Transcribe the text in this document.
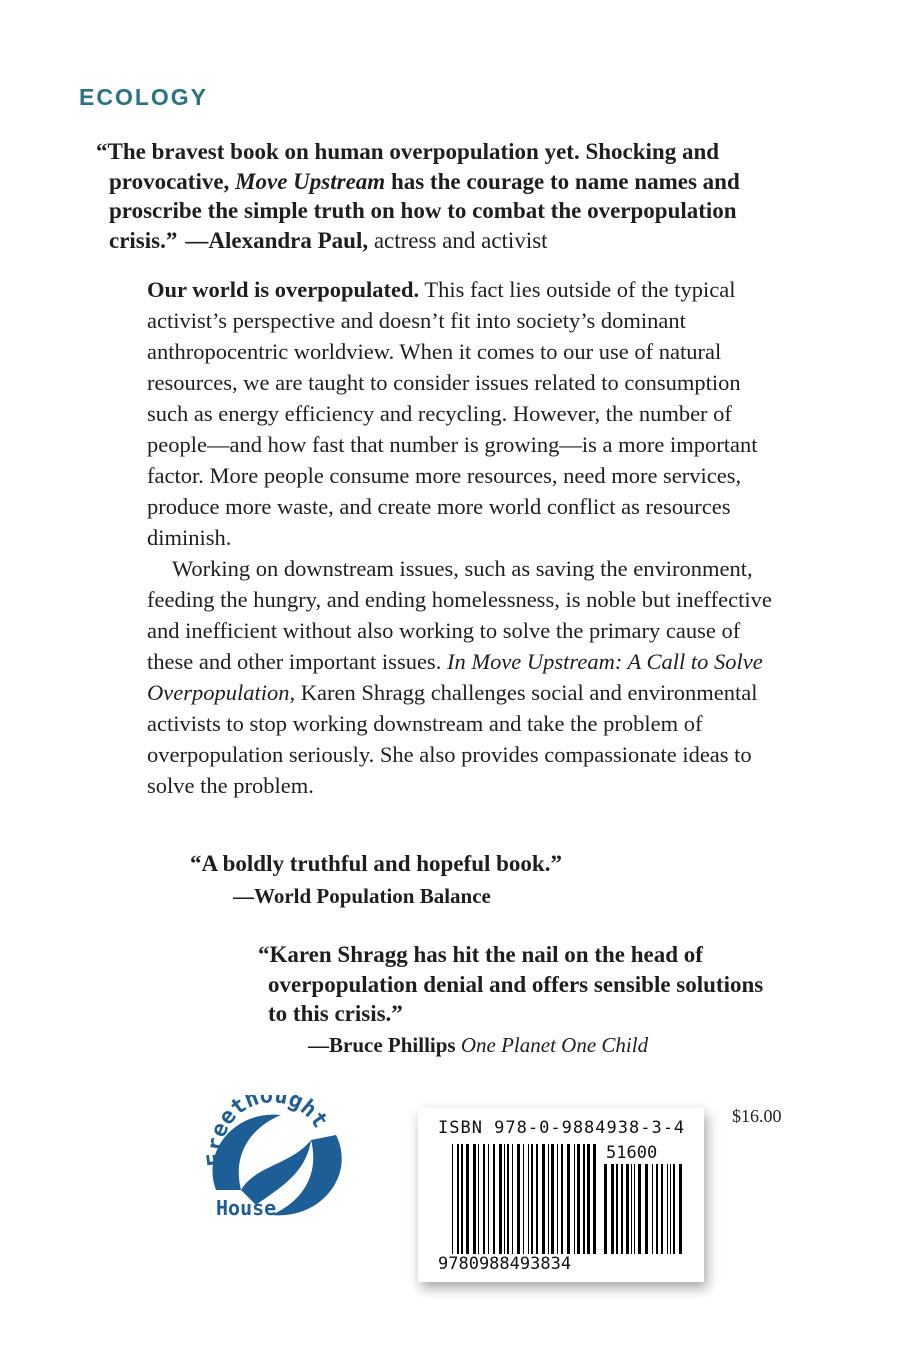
ECOLOGY
“The bravest book on human overpopulation yet. Shocking and provocative, Move Upstream has the courage to name names and proscribe the simple truth on how to combat the overpopulation crisis.” —Alexandra Paul, actress and activist

Our world is overpopulated. This fact lies outside of the typical activist’s perspective and doesn’t fit into society’s dominant anthropocentric worldview. When it comes to our use of natural resources, we are taught to consider issues related to consumption such as energy efficiency and recycling. However, the number of people—and how fast that number is growing—is a more important factor. More people consume more resources, need more services, produce more waste, and create more world conflict as resources diminish.

Working on downstream issues, such as saving the environment, feeding the hungry, and ending homelessness, is noble but ineffective and inefficient without also working to solve the primary cause of these and other important issues. In Move Upstream: A Call to Solve Overpopulation, Karen Shragg challenges social and environmental activists to stop working downstream and take the problem of overpopulation seriously. She also provides compassionate ideas to solve the problem.

“A boldly truthful and hopeful book.”
—World Population Balance
“Karen Shragg has hit the nail on the head of overpopulation denial and offers sensible solutions to this crisis.”
—Bruce Phillips One Planet One Child
Freethought
House
ISBN 978-0-9884938-3-4
9780988493834
51600
$16.00
